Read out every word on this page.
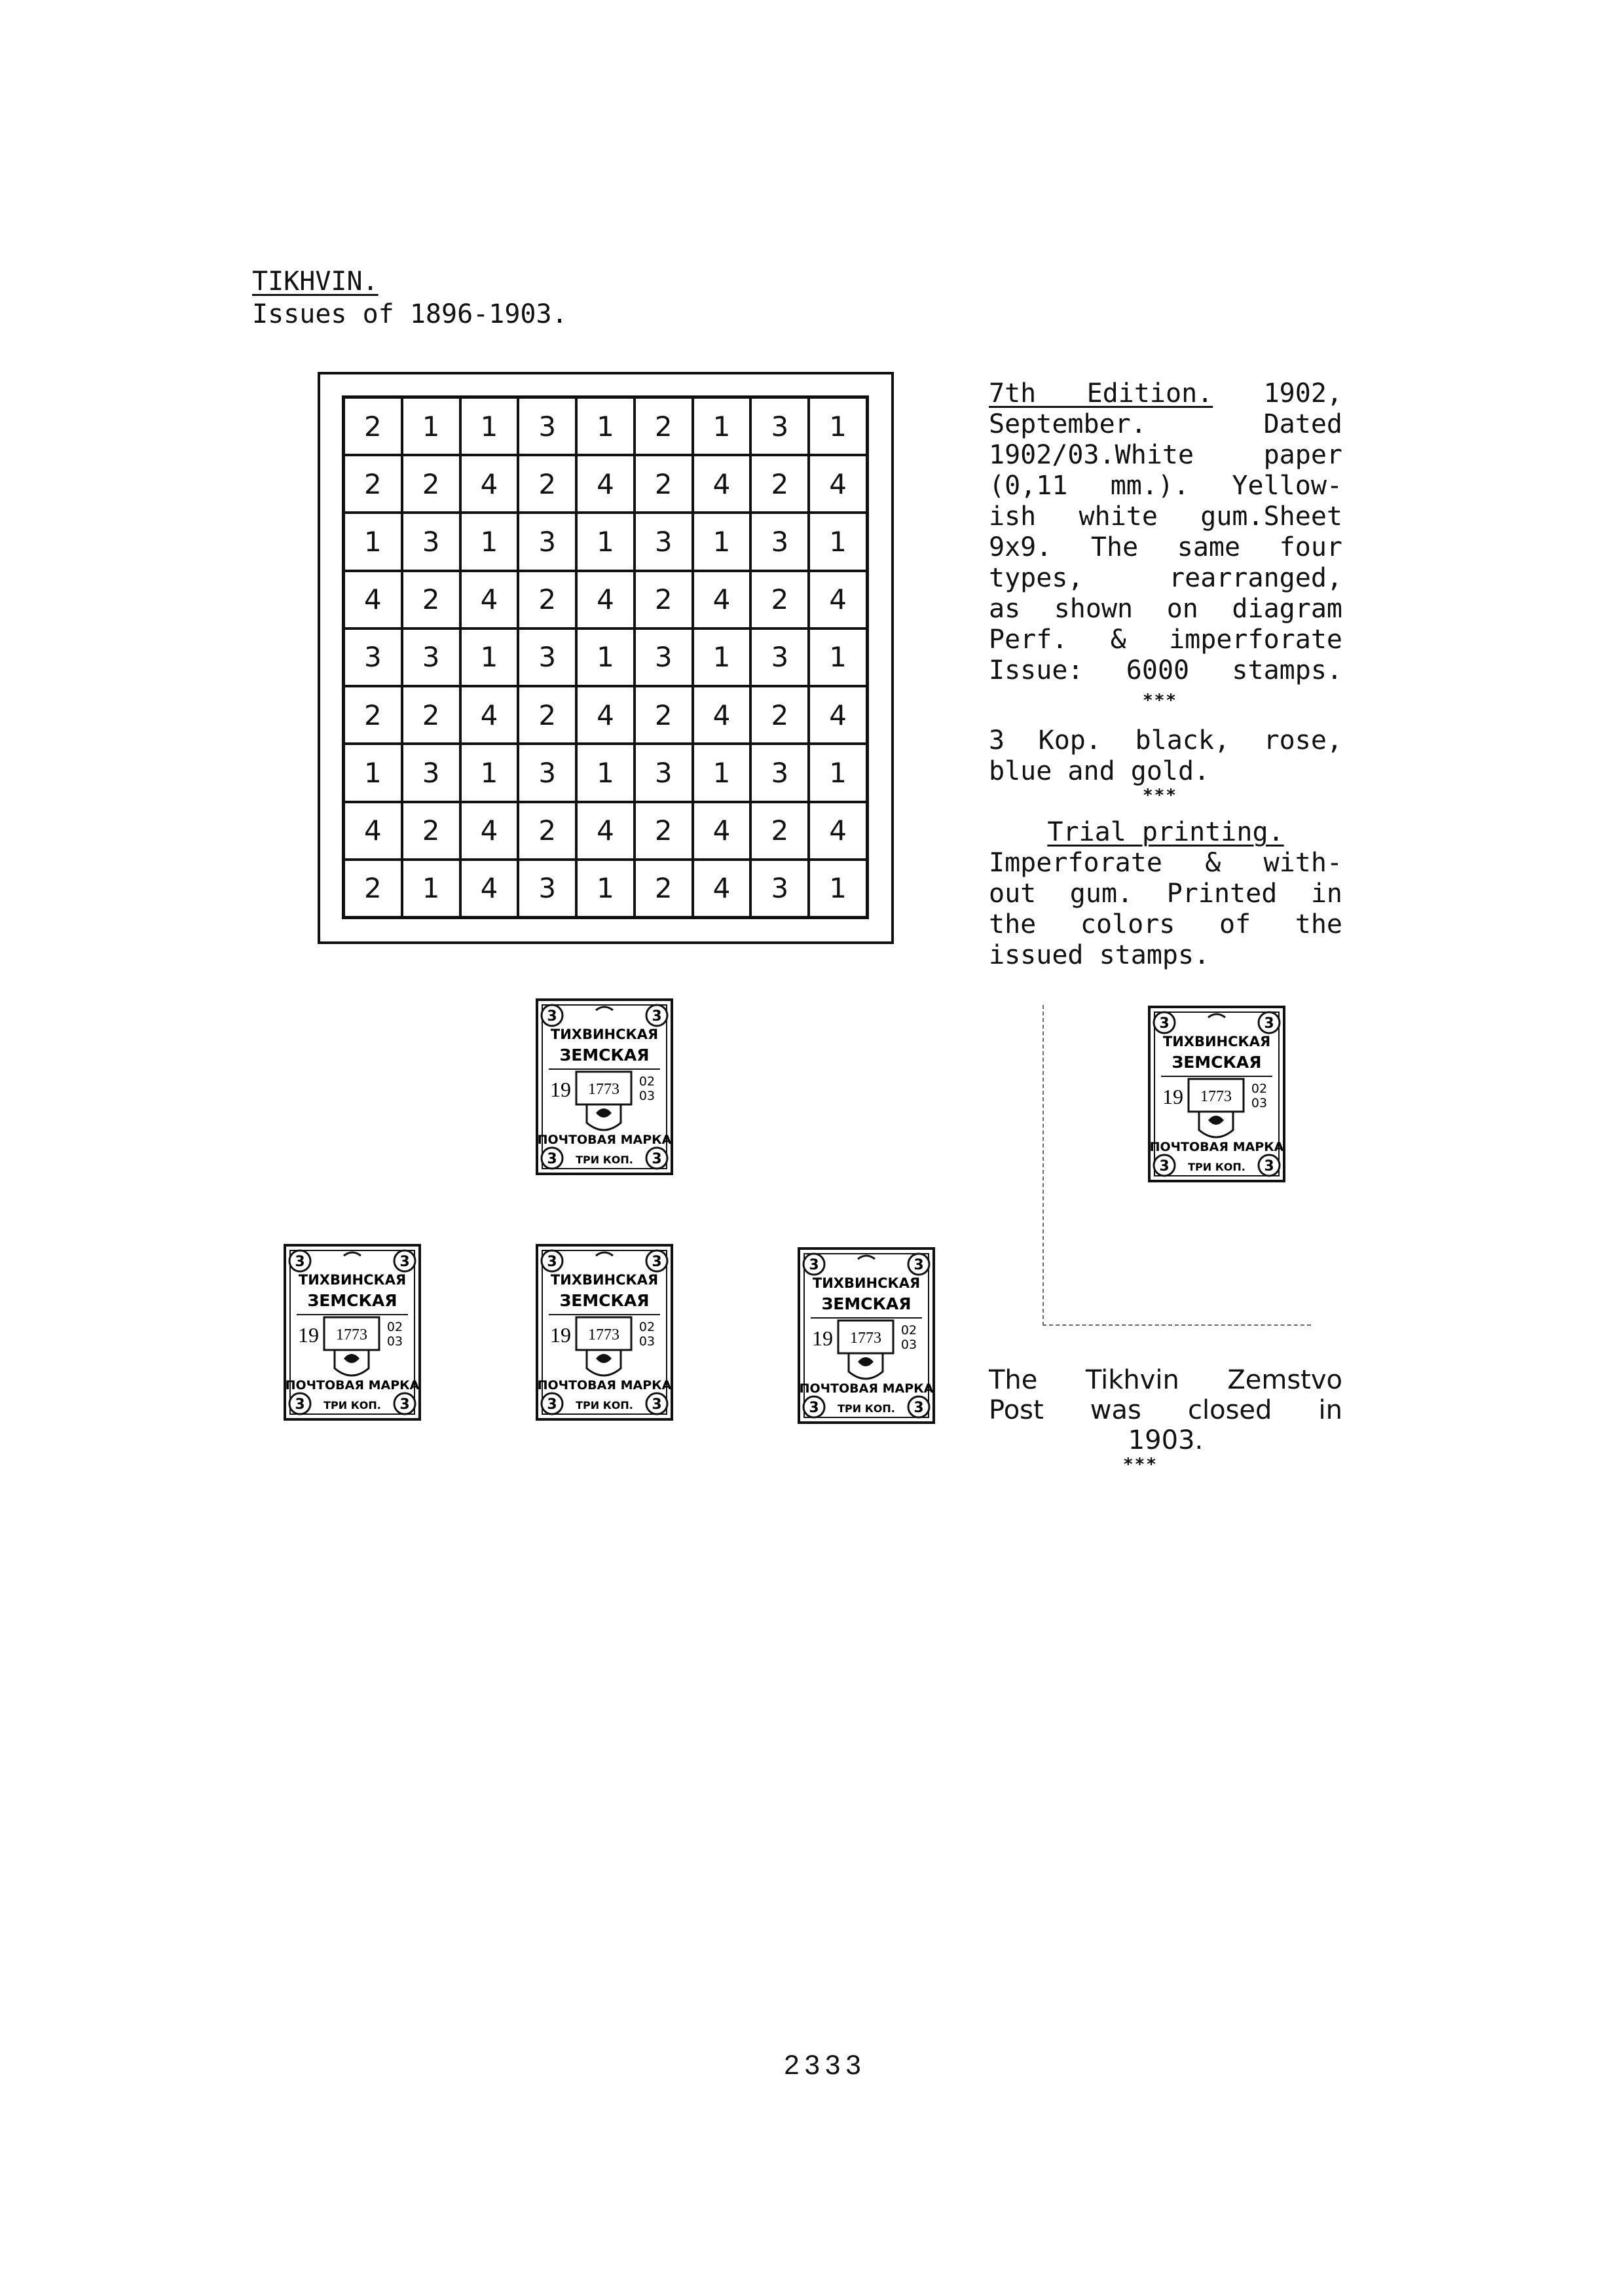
TIKHVIN.
Issues of 1896-1903.
2	1	1	3	1	2	1	3	1
2	2	4	2	4	2	4	2	4
1	3	1	3	1	3	1	3	1
4	2	4	2	4	2	4	2	4
3	3	1	3	1	3	1	3	1
2	2	4	2	4	2	4	2	4
1	3	1	3	1	3	1	3	1
4	2	4	2	4	2	4	2	4
2	1	4	3	1	2	4	3	1
7th Edition. 1902,
September. Dated
1902/03.White paper
(0,11 mm.). Yellow-
ish white gum.Sheet
9x9. The same four
types, rearranged,
as shown on diagram
Perf. & imperforate
Issue: 6000 stamps.
***
3 Kop. black, rose,
blue and gold.
***
Trial printing.
Imperforate & with-
out gum. Printed in
the colors of the
issued stamps.
3	3
ТИХВИНСКАЯ
ЗЕМСКАЯ
19 1773 02
03
ПОЧТОВАЯ МАРКА
ТРИ КОП.
3	3
3	3
ТИХВИНСКАЯ
ЗЕМСКАЯ
19 1773 02
03
ПОЧТОВАЯ МАРКА
ТРИ КОП.
3	3
3	3
ТИХВИНСКАЯ
ЗЕМСКАЯ
19 1773 02
03
ПОЧТОВАЯ МАРКА
ТРИ КОП.
3	3
3	3
ТИХВИНСКАЯ
ЗЕМСКАЯ
19 1773 02
03
ПОЧТОВАЯ МАРКА
ТРИ КОП.
3	3
3	3
ТИХВИНСКАЯ
ЗЕМСКАЯ
19 1773 02
03
ПОЧТОВАЯ МАРКА
ТРИ КОП.
3	3
The Tikhvin Zemstvo
Post was closed in
1903.
***
2333
